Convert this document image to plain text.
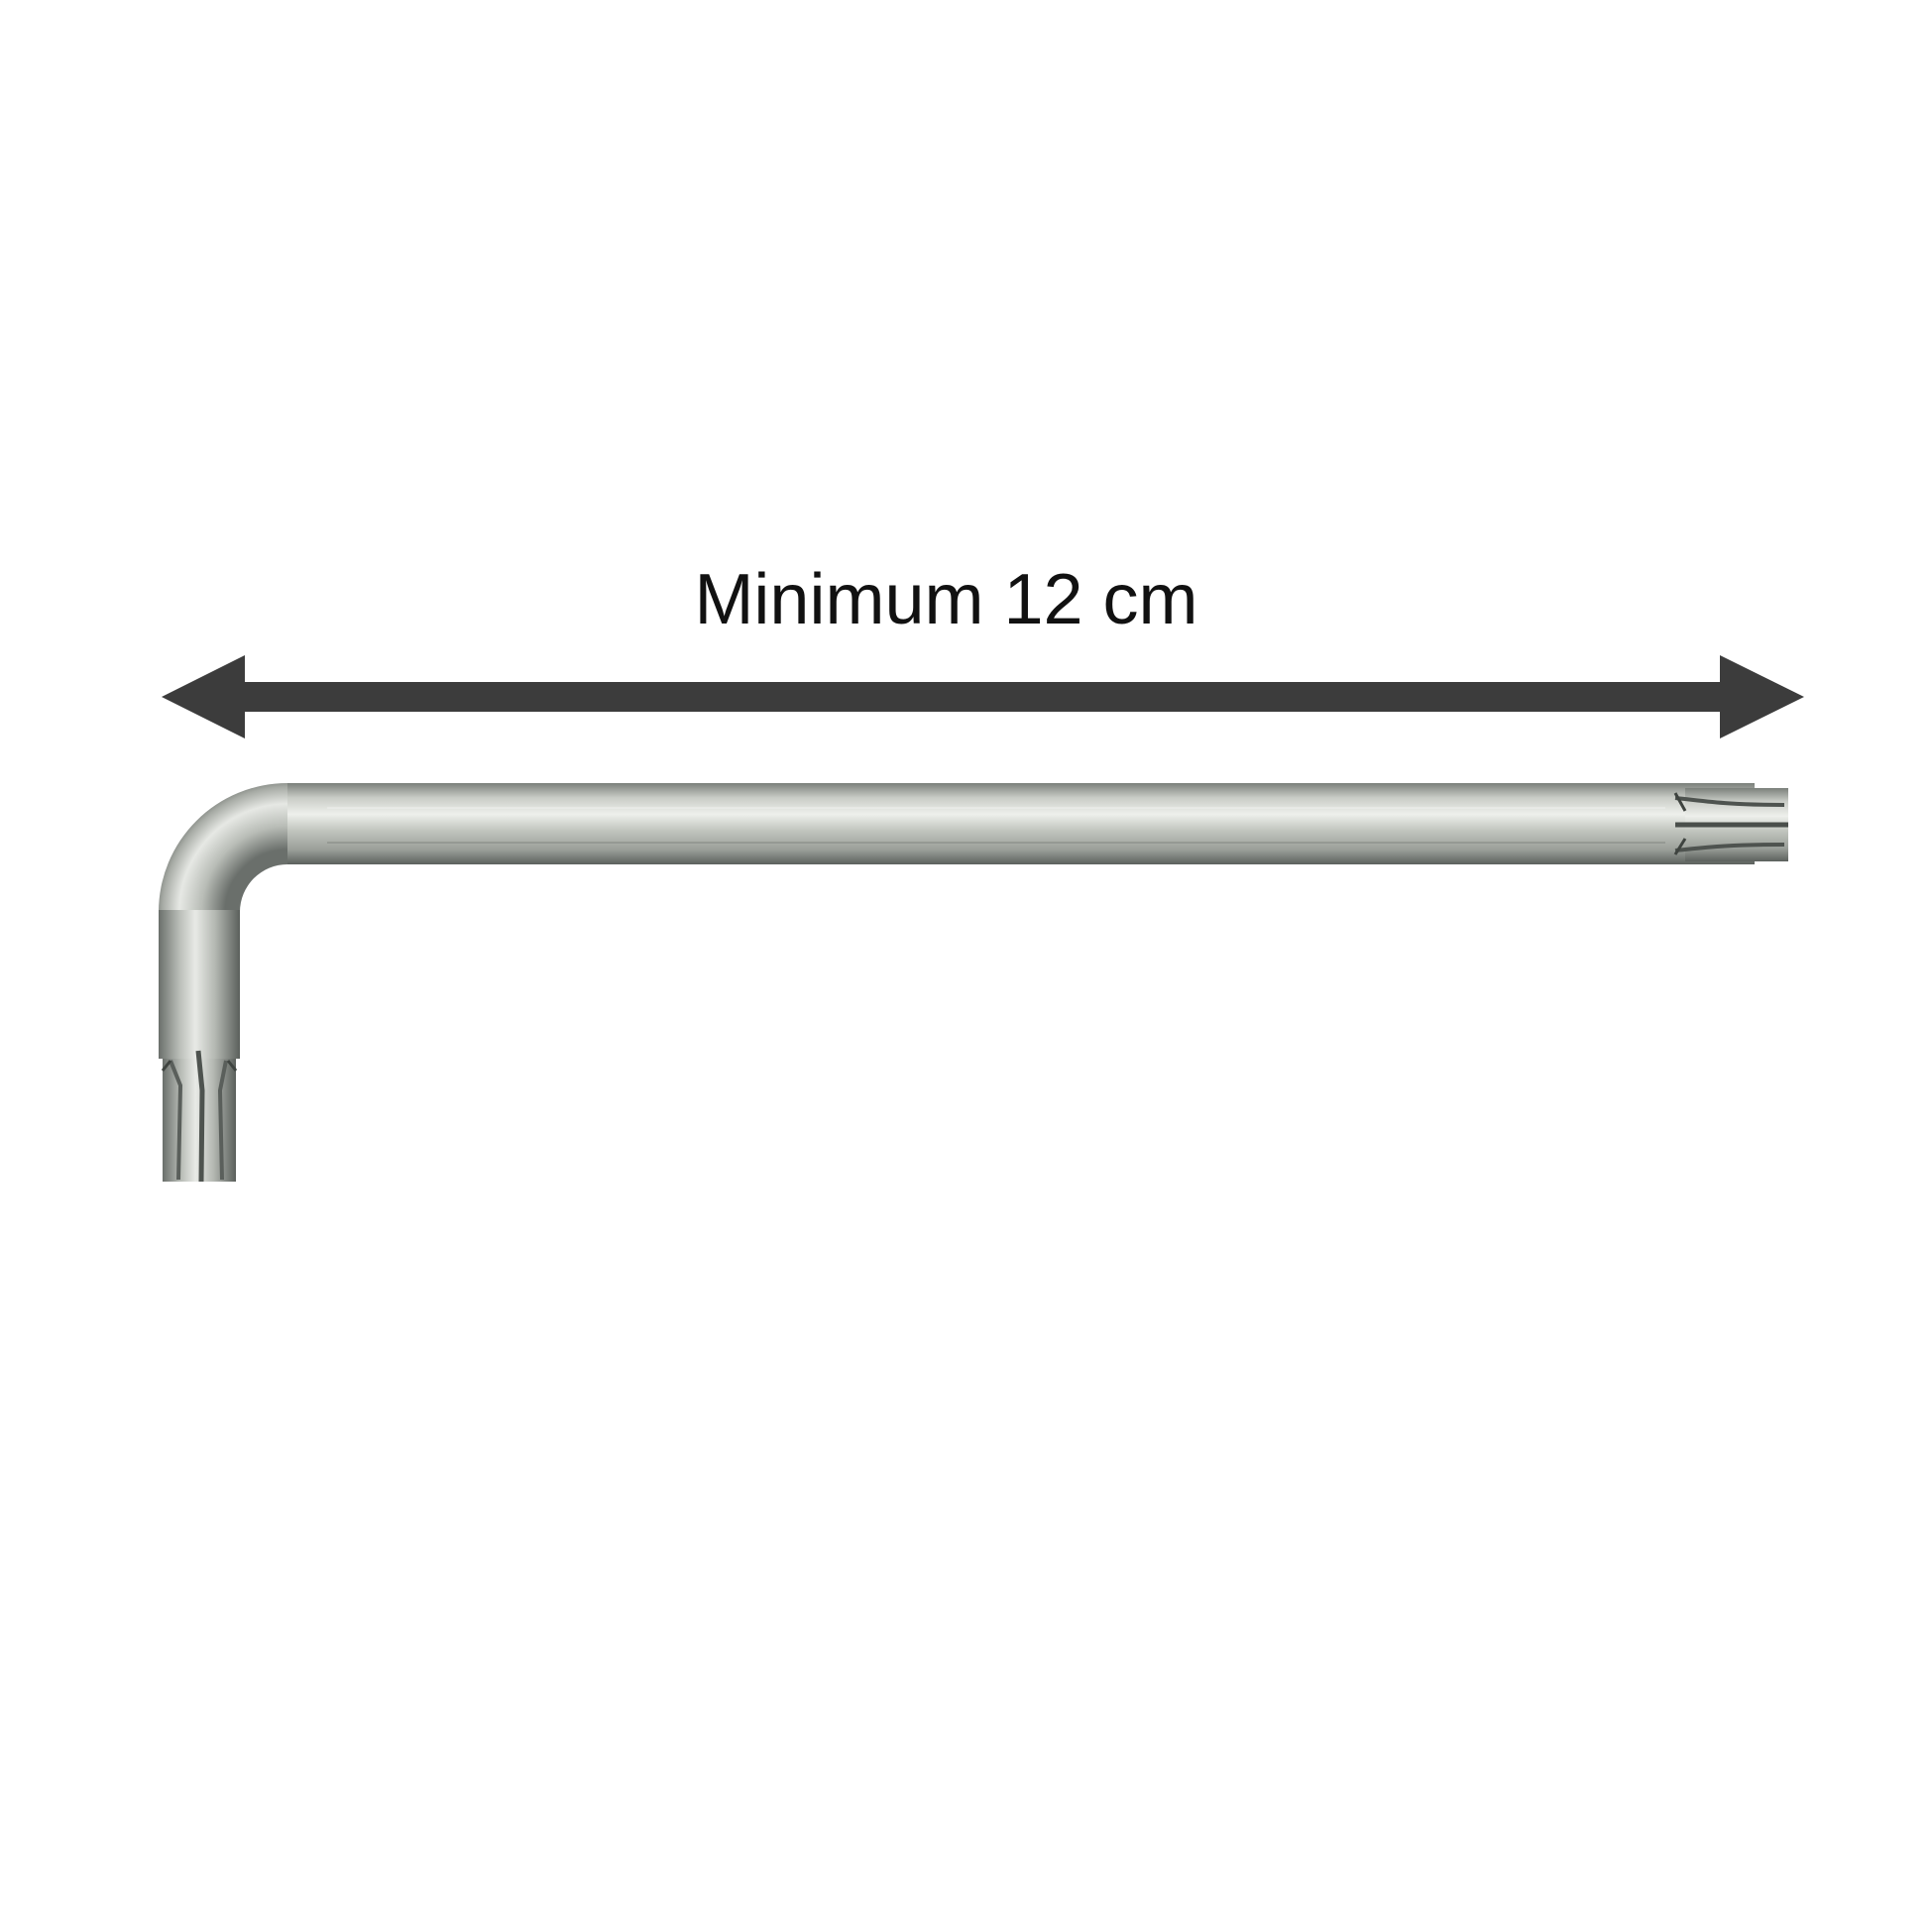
Minimum 12 cm
